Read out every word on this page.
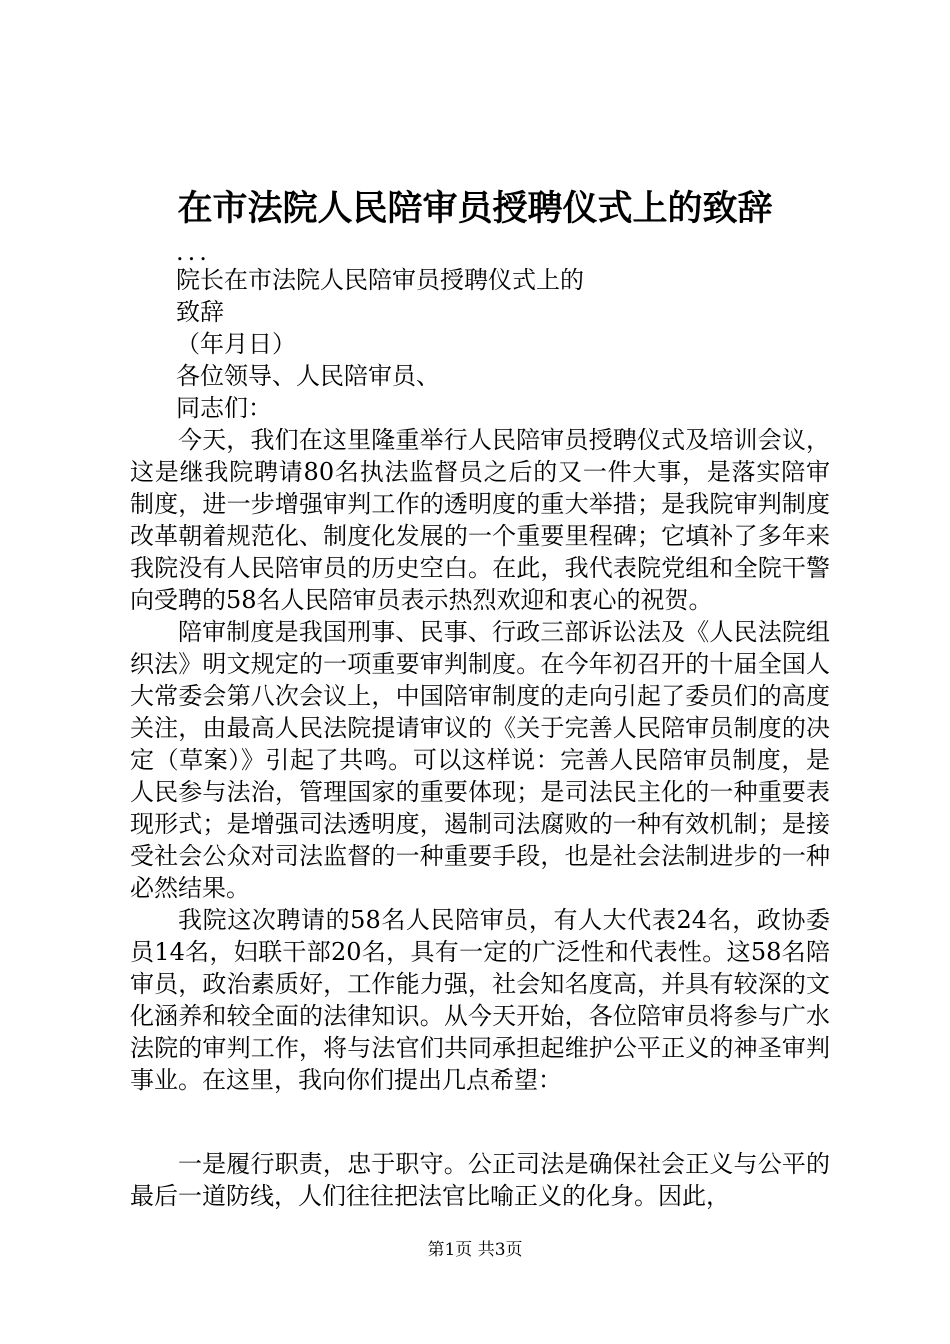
在市法院人民陪审员授聘仪式上的致辞
...
院长在市法院人民陪审员授聘仪式上的
致辞
（年月日）
各位领导、人民陪审员、
同志们：

今天，我们在这里隆重举行人民陪审员授聘仪式及培训会议，这是继我院聘请80名执法监督员之后的又一件大事，是落实陪审制度，进一步增强审判工作的透明度的重大举措；是我院审判制度改革朝着规范化、制度化发展的一个重要里程碑；它填补了多年来我院没有人民陪审员的历史空白。在此，我代表院党组和全院干警向受聘的58名人民陪审员表示热烈欢迎和衷心的祝贺。

陪审制度是我国刑事、民事、行政三部诉讼法及《人民法院组织法》明文规定的一项重要审判制度。在今年初召开的十届全国人大常委会第八次会议上，中国陪审制度的走向引起了委员们的高度关注，由最高人民法院提请审议的《关于完善人民陪审员制度的决定（草案）》引起了共鸣。可以这样说：完善人民陪审员制度，是人民参与法治，管理国家的重要体现；是司法民主化的一种重要表现形式；是增强司法透明度，遏制司法腐败的一种有效机制；是接受社会公众对司法监督的一种重要手段，也是社会法制进步的一种必然结果。

我院这次聘请的58名人民陪审员，有人大代表24名，政协委员14名，妇联干部20名，具有一定的广泛性和代表性。这58名陪审员，政治素质好，工作能力强，社会知名度高，并具有较深的文化涵养和较全面的法律知识。从今天开始，各位陪审员将参与广水法院的审判工作，将与法官们共同承担起维护公平正义的神圣审判事业。在这里，我向你们提出几点希望：

一是履行职责，忠于职守。公正司法是确保社会正义与公平的最后一道防线，人们往往把法官比喻正义的化身。因此，

第1页 共3页
